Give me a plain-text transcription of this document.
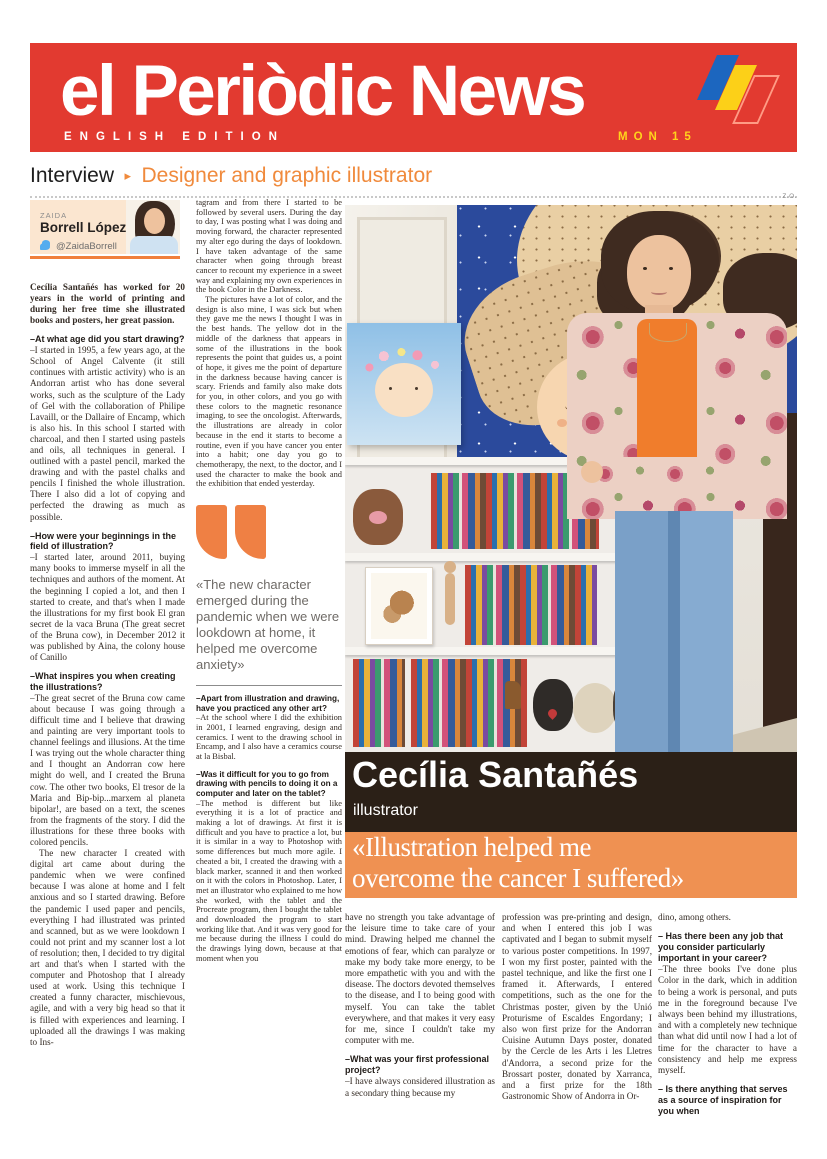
el Periòdic News
ENGLISH EDITION	MON 15
Interview ▸ Designer and graphic illustrator
ZAIDA
Borrell López
@ZaidaBorrell
Z.O.

Cecília Santañés has worked for 20 years in the world of printing and during her free time she illustrated books and posters, her great passion.

–At what age did you start drawing?

–I started in 1995, a few years ago, at the School of Angel Calvente (it still continues with artistic activity) who is an Andorran artist who has done several works, such as the sculpture of the Lady of Gel with the collaboration of Philipe Lavaill, or the Dallaire of Encamp, which is also his. In this school I started with charcoal, and then I started using pastels and oils, all techniques in general. I outlined with a pastel pencil, marked the drawing and with the pastel chalks and pencils I finished the whole illustration. There I also did a lot of copying and perfected the drawing as much as possible.

–How were your beginnings in the field of illustration?

–I started later, around 2011, buying many books to immerse myself in all the techniques and authors of the moment. At the beginning I copied a lot, and then I started to create, and that's when I made the illustrations for my first book El gran secret de la vaca Bruna (The great secret of the Bruna cow), in December 2012 it was published by Aina, the colony house of Canillo

–What inspires you when creating the illustrations?

–The great secret of the Bruna cow came about because I was going through a difficult time and I believe that drawing and painting are very important tools to channel feelings and illusions. At the time I was trying out the whole character thing and I thought an Andorran cow here might do well, and I created the Bruna cow. The other two books, El tresor de la Maria and Bip-bip...marxem al planeta bipolar!, are based on a text, the scenes from the fragments of the story. I did the illustrations for these three books with colored pencils.

The new character I created with digital art came about during the pandemic when we were confined because I was alone at home and I felt anxious and so I started drawing. Before the pandemic I used paper and pencils, everything I had illustrated was printed and scanned, but as we were lookdown I could not print and my scanner lost a lot of resolution; then, I decided to try digital art and that's when I started with the computer and Photoshop that I already used at work. Using this technique I created a funny character, mischievous, agile, and with a very big head so that it is filled with experiences and learning. I uploaded all the drawings I was making to Ins-

tagram and from there I started to be followed by several users. During the day to day, I was posting what I was doing and moving forward, the character represented my alter ego during the days of lookdown. I have taken advantage of the same character when going through breast cancer to recount my experience in a sweet way and explaining my own experiences in the book Color in the Darkness.

The pictures have a lot of color, and the design is also mine, I was sick but when they gave me the news I thought I was in the best hands. The yellow dot in the middle of the darkness that appears in some of the illustrations in the book represents the point that guides us, a point of hope, it gives me the point of departure in the darkness because having cancer is scary. Friends and family also make dots for you, in other colors, and you go with these colors to the magnetic resonance imaging, to see the oncologist. Afterwards, the illustrations are already in color because in the end it starts to become a routine, even if you have cancer you enter into a habit; one day you go to chemotherapy, the next, to the doctor, and I used the character to make the book and the exhibition that ended yesterday.

«The new character emerged during the pandemic when we were lookdown at home, it helped me overcome anxiety»

–Apart from illustration and drawing, have you practiced any other art?

–At the school where I did the exhibition in 2001, I learned engraving, design and ceramics. I went to the drawing school in Encamp, and I also have a ceramics course at la Bisbal.

–Was it difficult for you to go from drawing with pencils to doing it on a computer and later on the tablet?

–The method is different but like everything it is a lot of practice and making a lot of drawings. At first it is difficult and you have to practice a lot, but it is similar in a way to Photoshop with some differences but much more agile. I cheated a bit, I created the drawing with a black marker, scanned it and then worked on it with the colors in Photoshop. Later, I met an illustrator who explained to me how she worked, with the tablet and the Procreate program, then I bought the tablet and downloaded the program to start working like that. And it was very good for me because during the illness I could do the drawings lying down, because at that moment when you

Cecília Santañés
illustrator
«Illustration helped me
overcome the cancer I suffered»

have no strength you take advantage of the leisure time to take care of your mind. Drawing helped me channel the emotions of fear, which can paralyze or make my body take more energy, to be more empathetic with you and with the disease. The doctors devoted themselves to the disease, and I to being good with myself. You can take the tablet everywhere, and that makes it very easy for me, since I couldn't take my computer with me.

–What was your first professional project?

–I have always considered illustration as a secondary thing because my

profession was pre-printing and design, and when I entered this job I was captivated and I began to submit myself to various poster competitions. In 1997, I won my first poster, painted with the pastel technique, and like the first one I framed it. Afterwards, I entered competitions, such as the one for the Christmas poster, given by the Unió Proturisme of Escaldes Engordany; I also won first prize for the Andorran Cuisine Autumn Days poster, donated by the Cercle de les Arts i les Lletres d'Andorra, a second prize for the Brossart poster, donated by Xarranca, and a first prize for the 18th Gastronomic Show of Andorra in Or-

dino, among others.

– Has there been any job that you consider particularly important in your career?

–The three books I've done plus Color in the dark, which in addition to being a work is personal, and puts me in the foreground because I've always been behind my illustrations, and with a completely new technique than what did until now I had a lot of time for the character to have a consistency and help me express myself.

– Is there anything that serves as a source of inspiration for you when
